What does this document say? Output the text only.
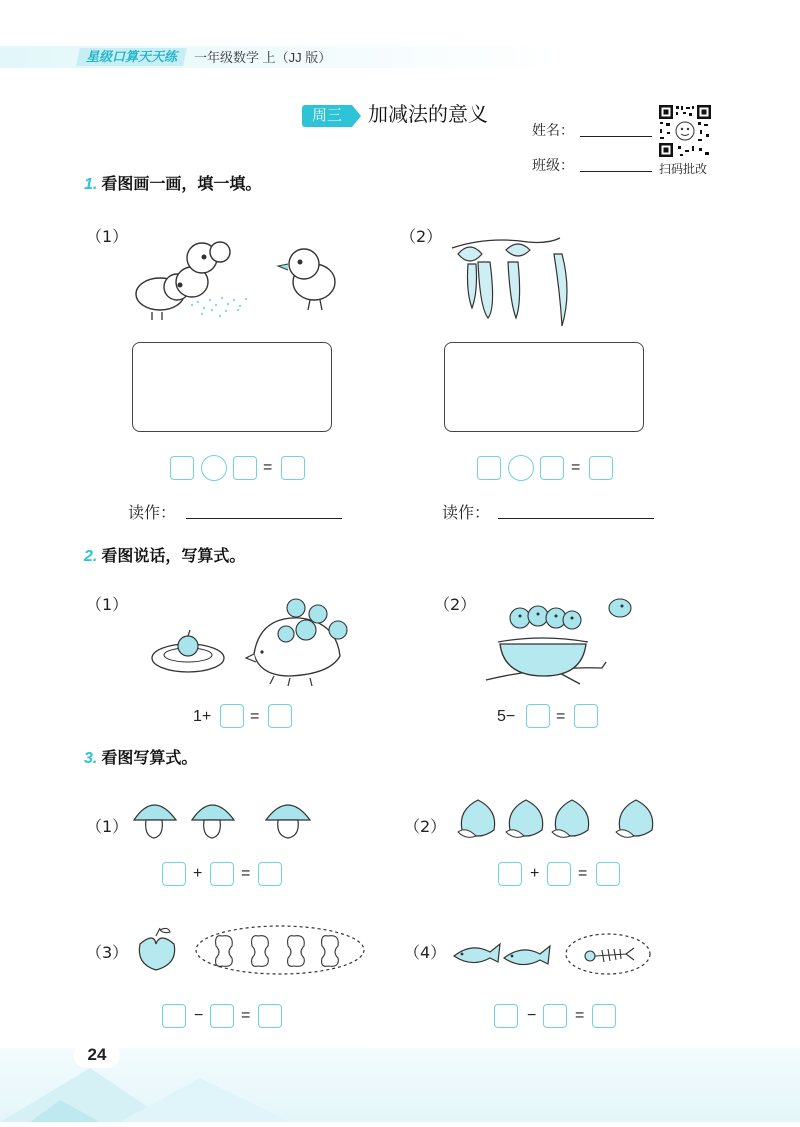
星级口算天天练	一年级数学 上（JJ 版）
周三	加减法的意义
姓名：
班级：	扫码批改
1. 看图画一画，填一填。
（1）	（2）
=	=
读作：	读作：
2. 看图说话，写算式。
（1）	（2）
1+ =	5−	=
3. 看图写算式。
（1）	（2）
+ =	+ =
（3）	（4）
− =	− =
24
